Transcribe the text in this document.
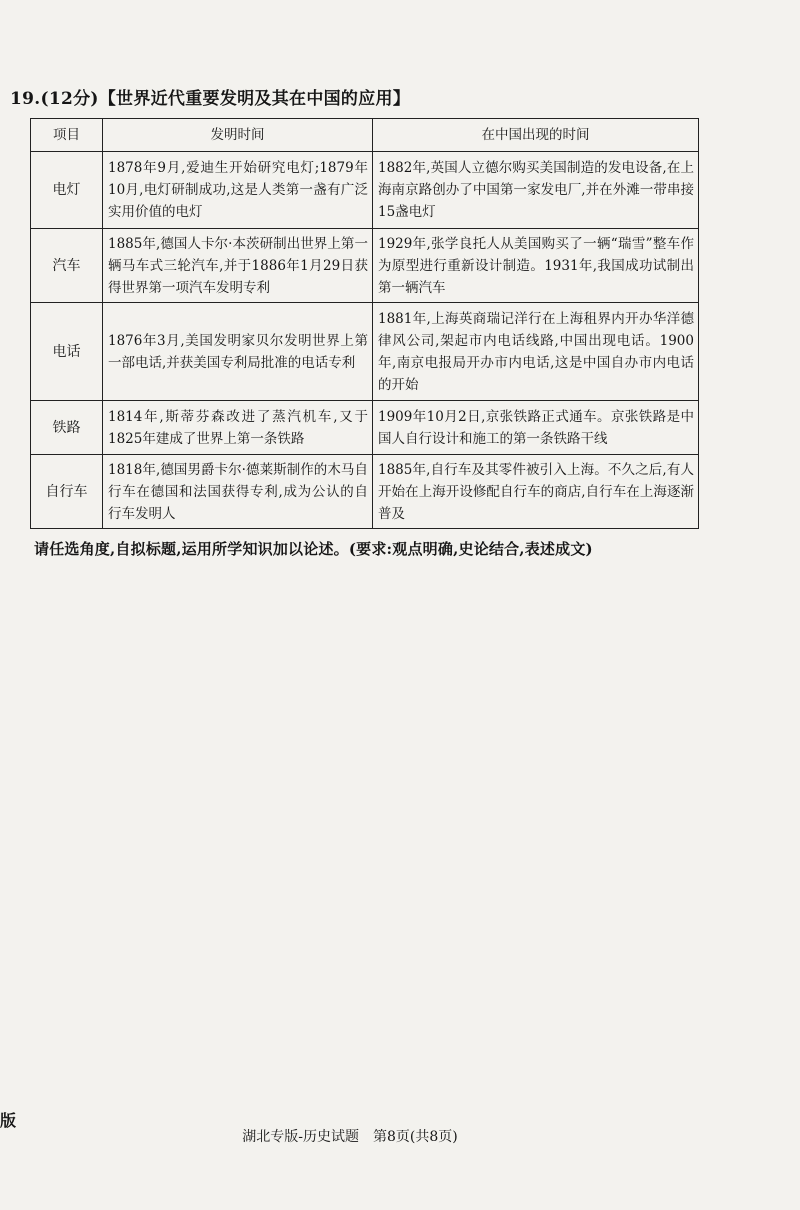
19.(12分)【世界近代重要发明及其在中国的应用】
项目	发明时间	在中国出现的时间
电灯	1878年9月,爱迪生开始研究电灯;1879年10月,电灯研制成功,这是人类第一盏有广泛实用价值的电灯	1882年,英国人立德尔购买美国制造的发电设备,在上海南京路创办了中国第一家发电厂,并在外滩一带串接15盏电灯
汽车	1885年,德国人卡尔·本茨研制出世界上第一辆马车式三轮汽车,并于1886年1月29日获得世界第一项汽车发明专利	1929年,张学良托人从美国购买了一辆“瑞雪”整车作为原型进行重新设计制造。1931年,我国成功试制出第一辆汽车
电话	1876年3月,美国发明家贝尔发明世界上第一部电话,并获美国专利局批准的电话专利	1881年,上海英商瑞记洋行在上海租界内开办华洋德律风公司,架起市内电话线路,中国出现电话。1900年,南京电报局开办市内电话,这是中国自办市内电话的开始
铁路	1814年,斯蒂芬森改进了蒸汽机车,又于1825年建成了世界上第一条铁路	1909年10月2日,京张铁路正式通车。京张铁路是中国人自行设计和施工的第一条铁路干线
自行车	1818年,德国男爵卡尔·德莱斯制作的木马自行车在德国和法国获得专利,成为公认的自行车发明人	1885年,自行车及其零件被引入上海。不久之后,有人开始在上海开设修配自行车的商店,自行车在上海逐渐普及
请任选角度,自拟标题,运用所学知识加以论述。(要求:观点明确,史论结合,表述成文)
版
湖北专版-历史试题　第8页(共8页)
